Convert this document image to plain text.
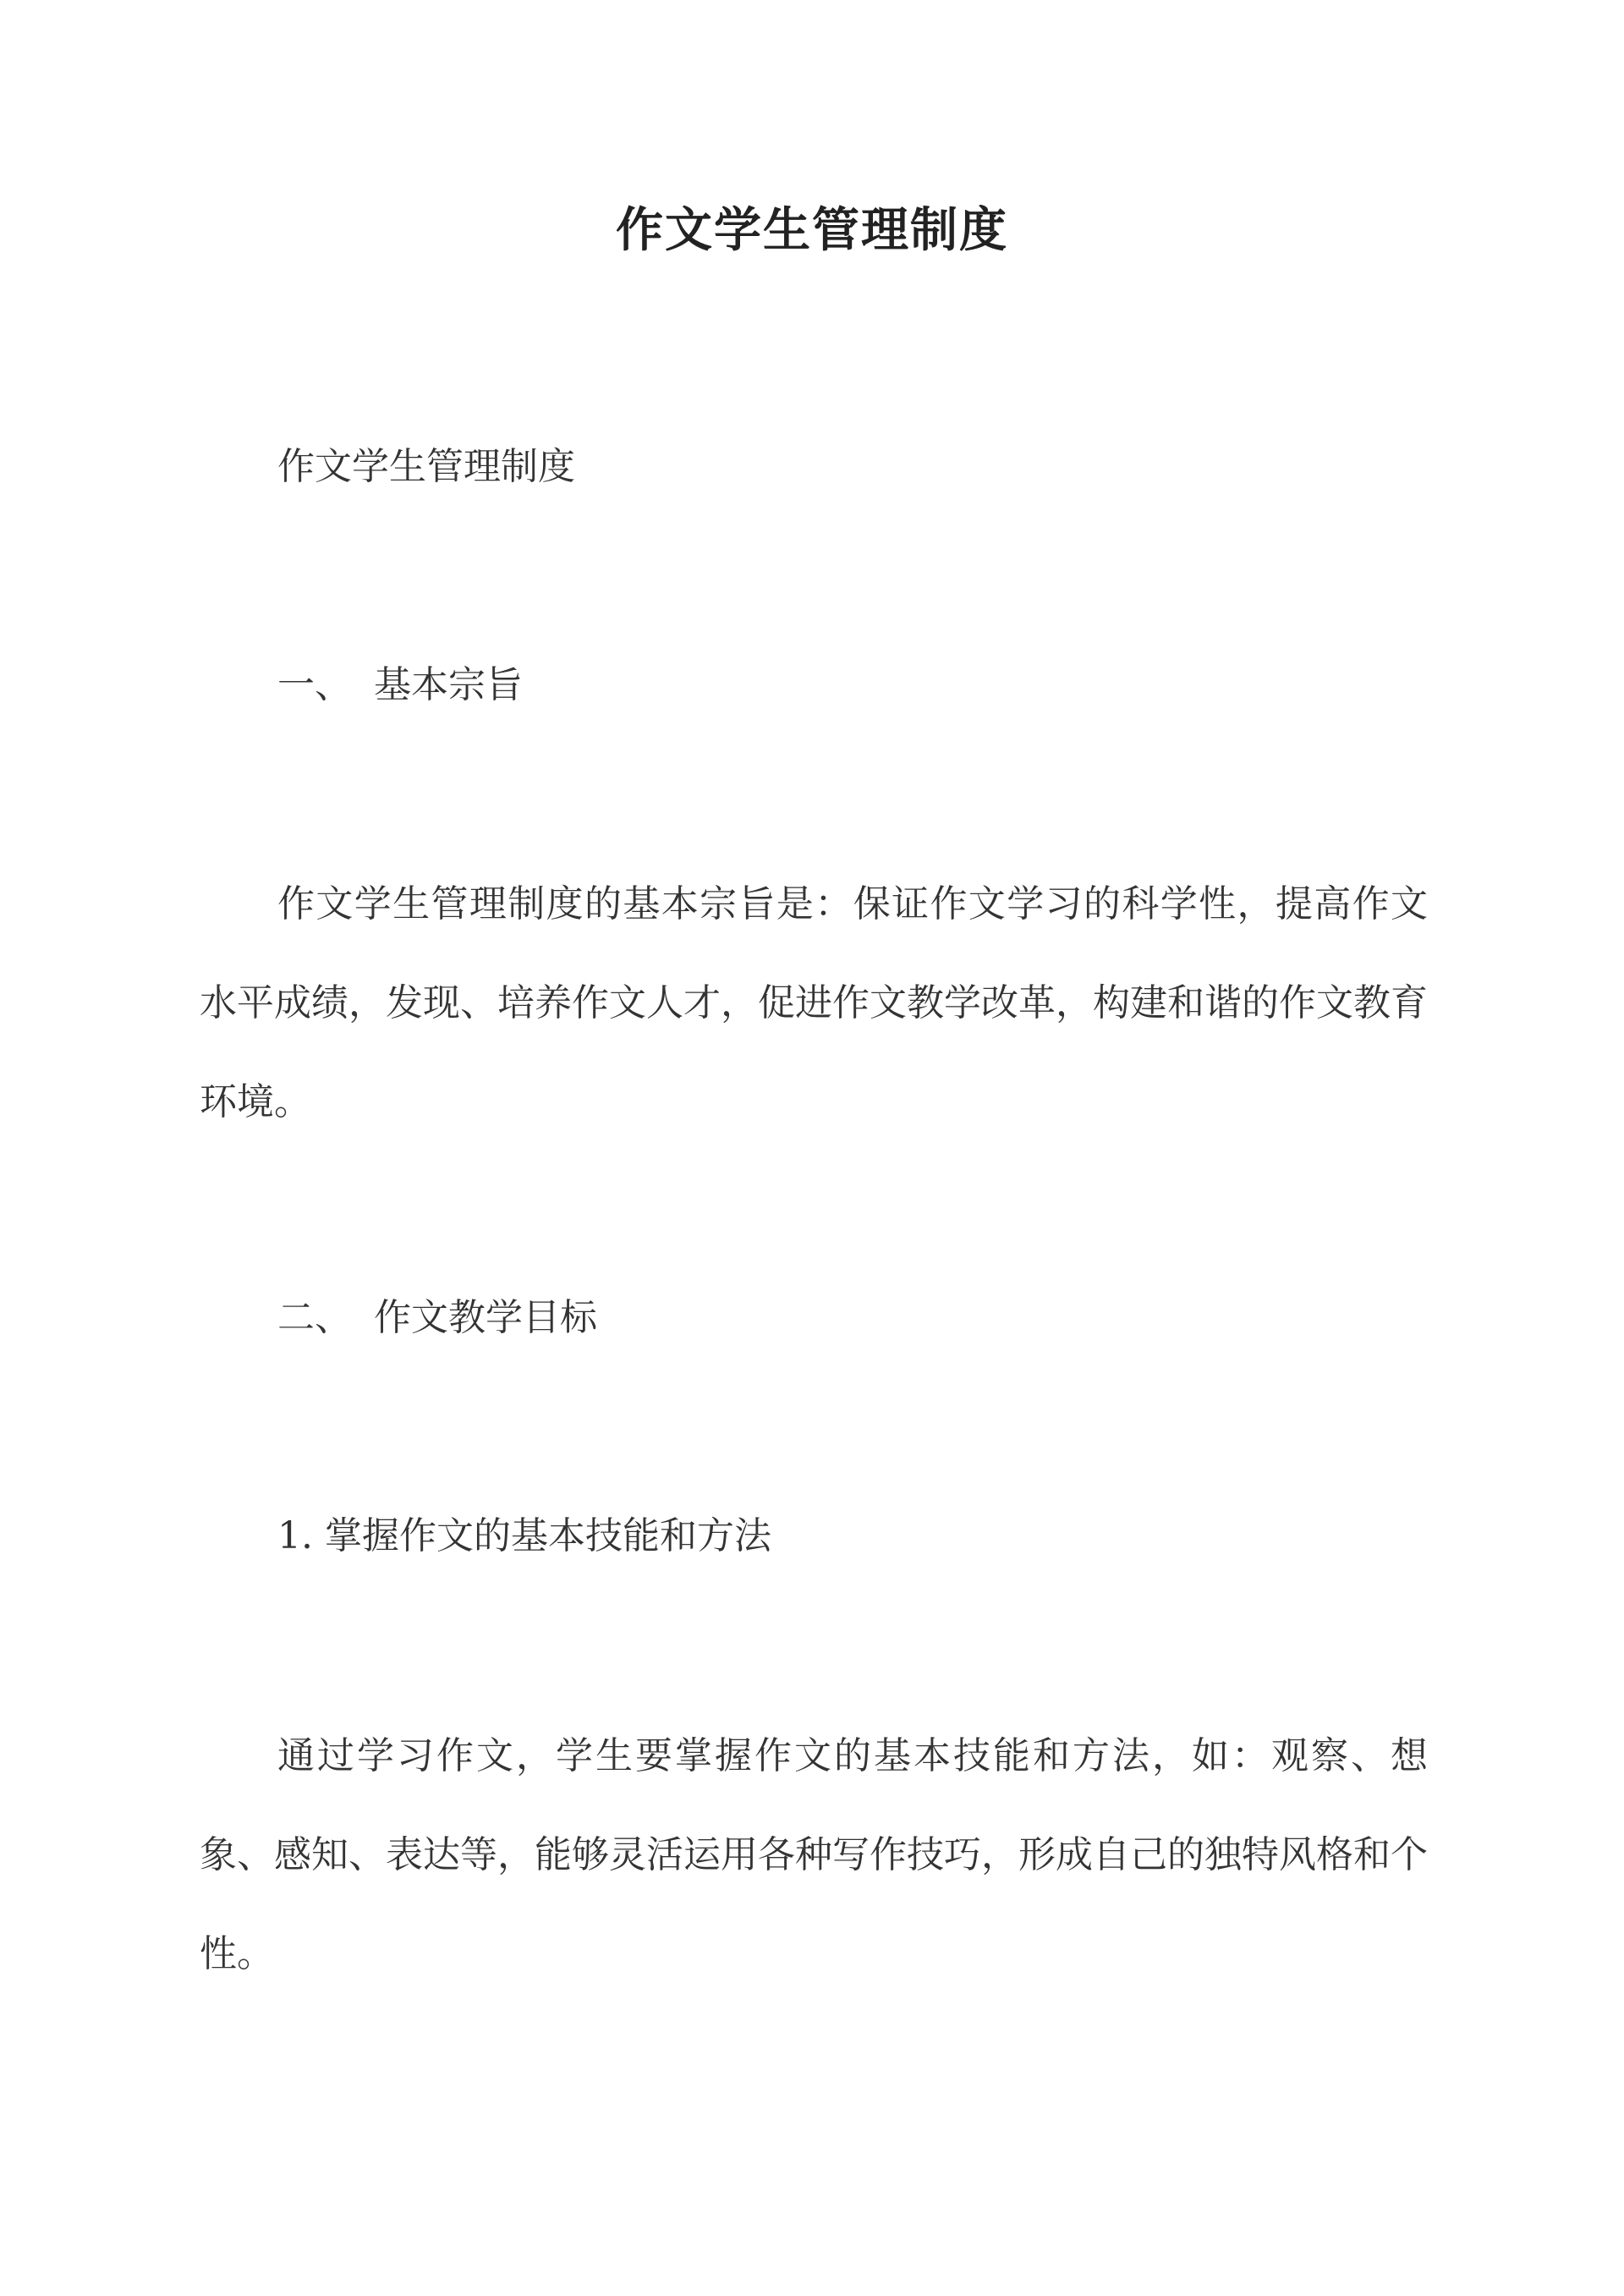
作文学生管理制度
作文学生管理制度
一、 基本宗旨
作文学生管理制度的基本宗旨是：保证作文学习的科学性，提高作文水平成绩，发现、培养作文人才，促进作文教学改革，构建和谐的作文教育环境。
二、 作文教学目标
1. 掌握作文的基本技能和方法
通过学习作文，学生要掌握作文的基本技能和方法，如：观察、想象、感知、表达等，能够灵活运用各种写作技巧，形成自己的独特风格和个性。
